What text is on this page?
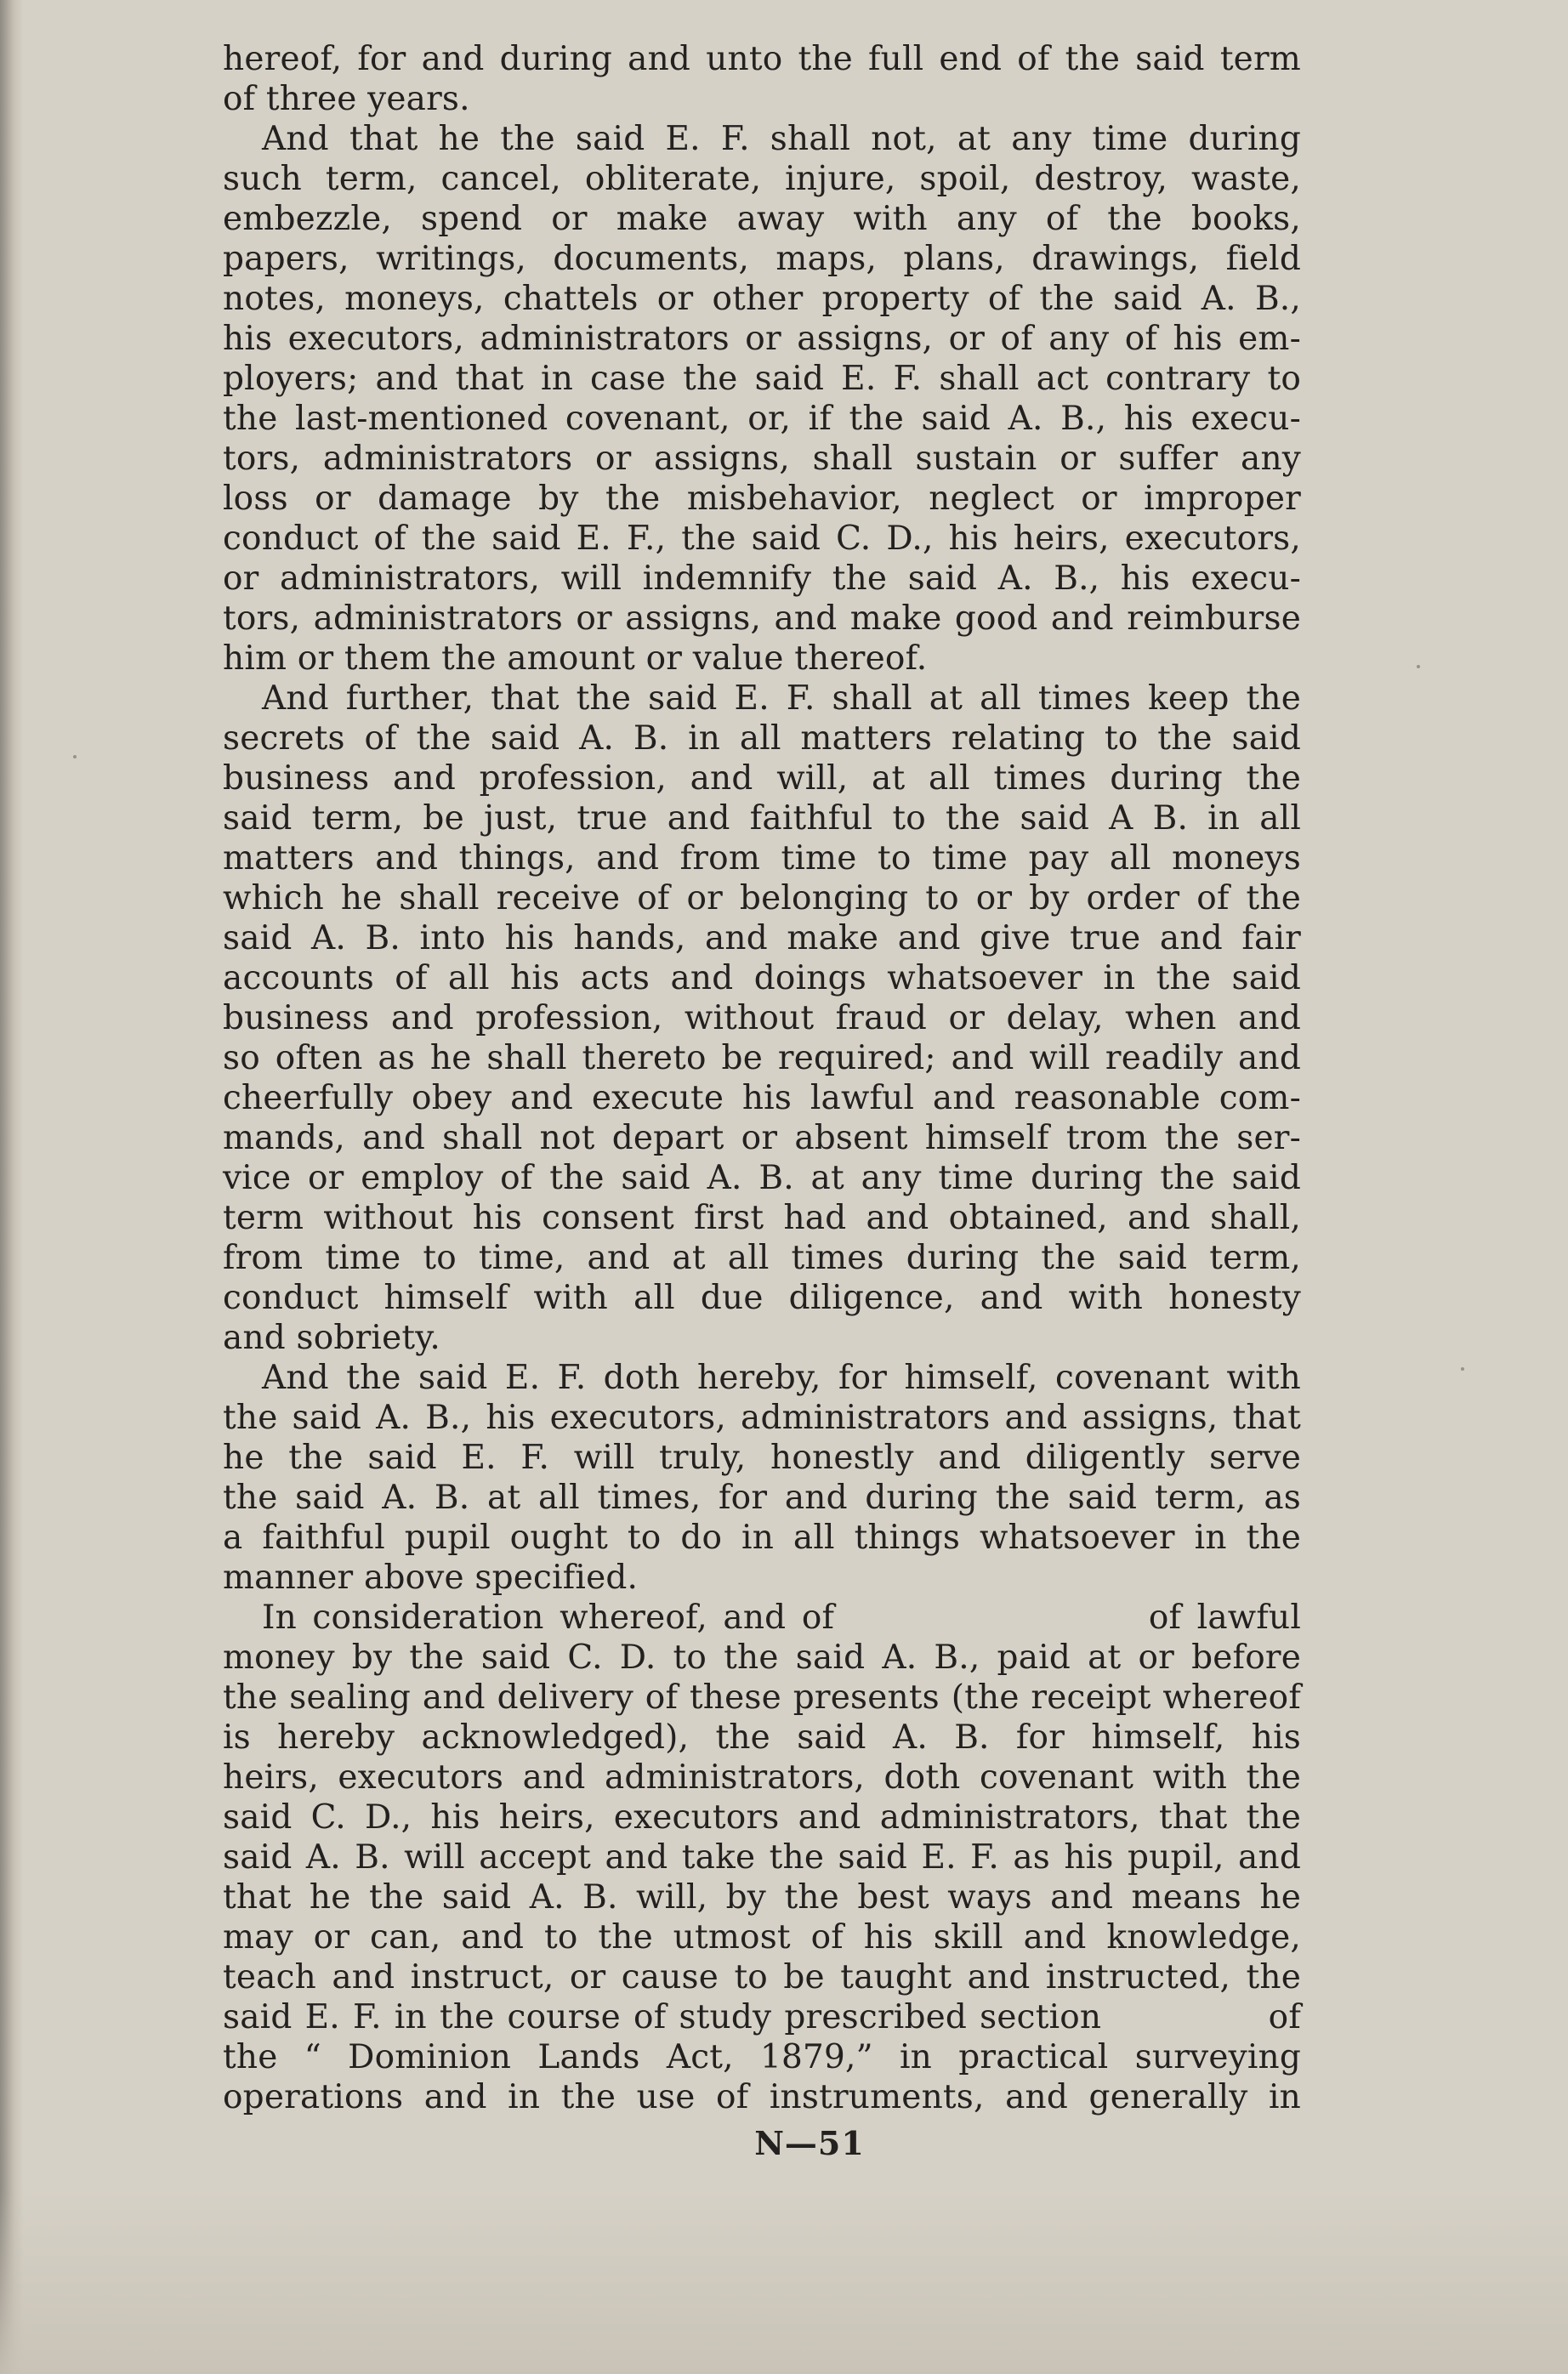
hereof, for and during and unto the full end of the said term
of three years.
And that he the said E. F. shall not, at any time during
such term, cancel, obliterate, injure, spoil, destroy, waste,
embezzle, spend or make away with any of the books,
papers, writings, documents, maps, plans, drawings, field
notes, moneys, chattels or other property of the said A. B.,
his executors, administrators or assigns, or of any of his em-
ployers; and that in case the said E. F. shall act contrary to
the last-mentioned covenant, or, if the said A. B., his execu-
tors, administrators or assigns, shall sustain or suffer any
loss or damage by the misbehavior, neglect or improper
conduct of the said E. F., the said C. D., his heirs, executors,
or administrators, will indemnify the said A. B., his execu-
tors, administrators or assigns, and make good and reimburse
him or them the amount or value thereof.
And further, that the said E. F. shall at all times keep the
secrets of the said A. B. in all matters relating to the said
business and profession, and will, at all times during the
said term, be just, true and faithful to the said A B. in all
matters and things, and from time to time pay all moneys
which he shall receive of or belonging to or by order of the
said A. B. into his hands, and make and give true and fair
accounts of all his acts and doings whatsoever in the said
business and profession, without fraud or delay, when and
so often as he shall thereto be required; and will readily and
cheerfully obey and execute his lawful and reasonable com-
mands, and shall not depart or absent himself trom the ser-
vice or employ of the said A. B. at any time during the said
term without his consent first had and obtained, and shall,
from time to time, and at all times during the said term,
conduct himself with all due diligence, and with honesty
and sobriety.
And the said E. F. doth hereby, for himself, covenant with
the said A. B., his executors, administrators and assigns, that
he the said E. F. will truly, honestly and diligently serve
the said A. B. at all times, for and during the said term, as
a faithful pupil ought to do in all things whatsoever in the
manner above specified.
In consideration whereof, and of                    of lawful
money by the said C. D. to the said A. B., paid at or before
the sealing and delivery of these presents (the receipt whereof
is hereby acknowledged), the said A. B. for himself, his
heirs, executors and administrators, doth covenant with the
said C. D., his heirs, executors and administrators, that the
said A. B. will accept and take the said E. F. as his pupil, and
that he the said A. B. will, by the best ways and means he
may or can, and to the utmost of his skill and knowledge,
teach and instruct, or cause to be taught and instructed, the
said E. F. in the course of study prescribed section             of
the “ Dominion Lands Act, 1879,” in practical surveying
operations and in the use of instruments, and generally in
N—51
